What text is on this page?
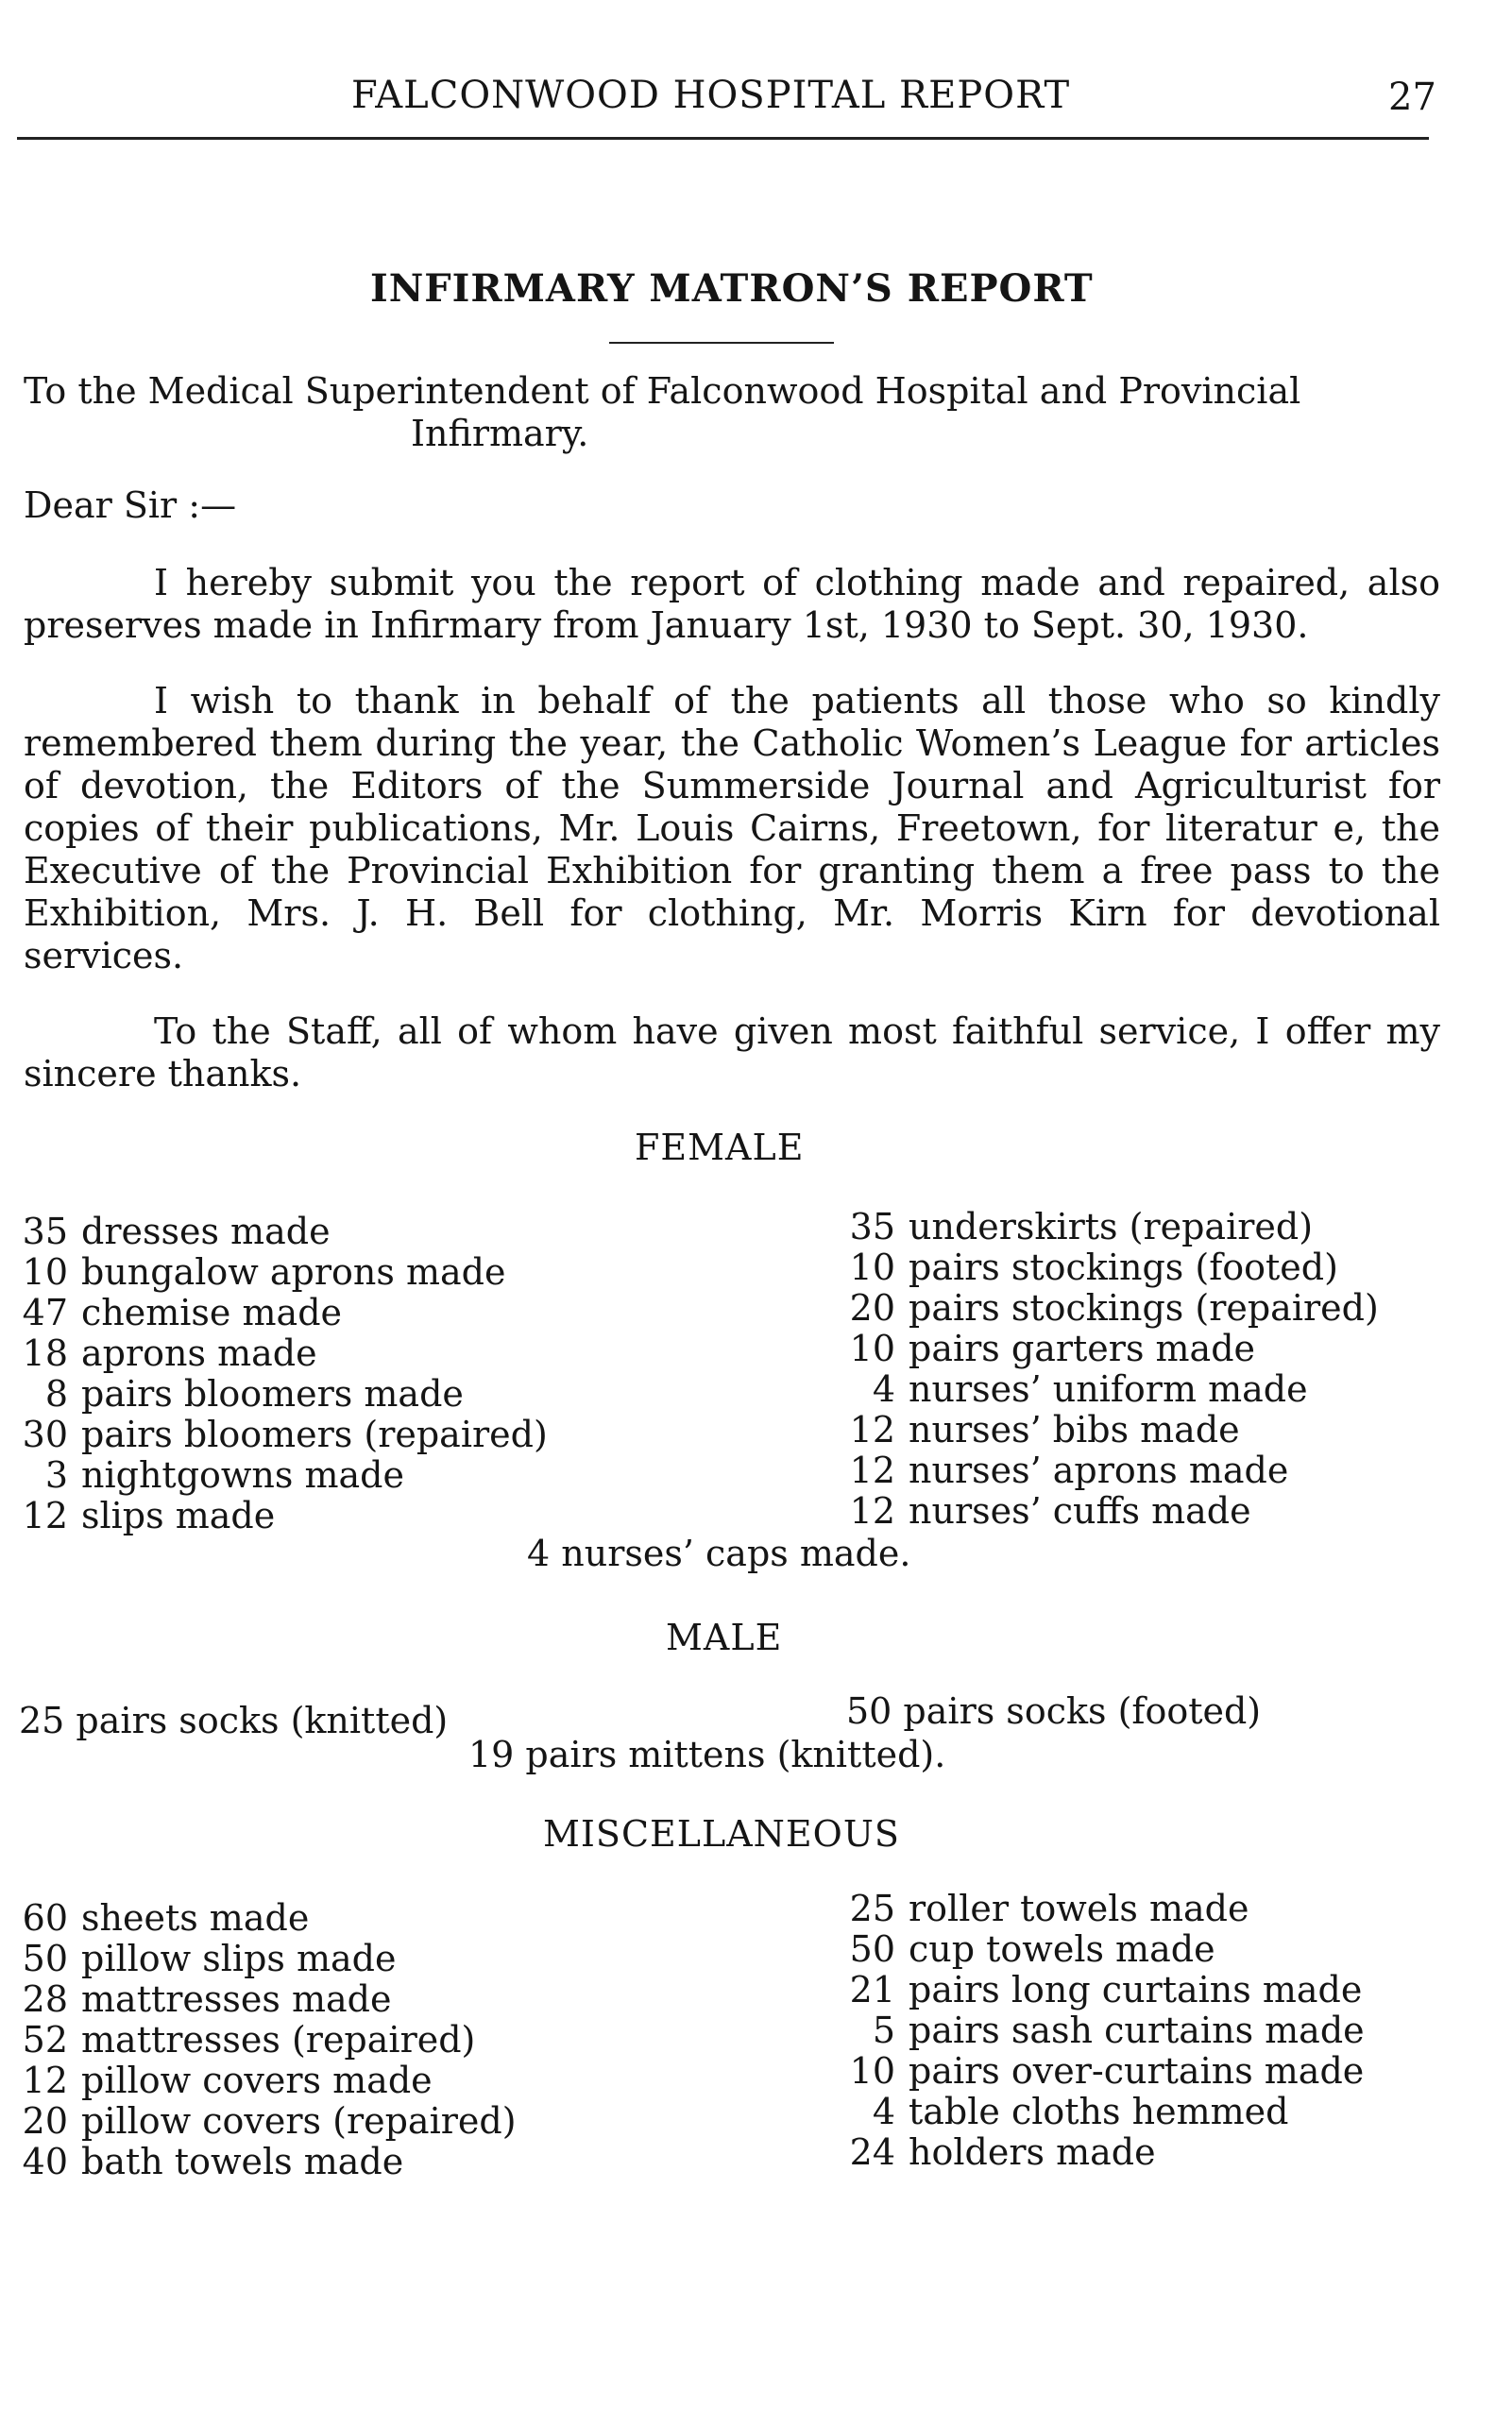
FALCONWOOD HOSPITAL REPORT	27
INFIRMARY MATRON’S REPORT

To the Medical Superintendent of Falconwood Hospital and Provincial

Infirmary.

Dear Sir :—
I hereby submit you the report of clothing made and repaired, also preserves made in Infirmary from January 1st, 1930 to Sept. 30, 1930.
I wish to thank in behalf of the patients all those who so kindly remembered them during the year, the Catholic Women’s League for articles of devotion, the Editors of the Summerside Journal and Agriculturist for copies of their publications, Mr. Louis Cairns, Freetown, for literatur e, the Executive of the Provincial Exhibition for granting them a free pass to the Exhibition, Mrs. J. H. Bell for clothing, Mr. Morris Kirn for devotional services.
To the Staff, all of whom have given most faithful service, I offer my sincere thanks.
FEMALE
35 dresses made
10 bungalow aprons made
47 chemise made
18 aprons made
8 pairs bloomers made
30 pairs bloomers (repaired)
3 nightgowns made
12 slips made
35 underskirts (repaired)
10 pairs stockings (footed)
20 pairs stockings (repaired)
10 pairs garters made
4 nurses’ uniform made
12 nurses’ bibs made
12 nurses’ aprons made
12 nurses’ cuffs made
4 nurses’ caps made.
MALE
25 pairs socks (knitted)	50 pairs socks (footed)
19 pairs mittens (knitted).
MISCELLANEOUS
60 sheets made
50 pillow slips made
28 mattresses made
52 mattresses (repaired)
12 pillow covers made
20 pillow covers (repaired)
40 bath towels made
25 roller towels made
50 cup towels made
21 pairs long curtains made
5 pairs sash curtains made
10 pairs over-curtains made
4 table cloths hemmed
24 holders made
